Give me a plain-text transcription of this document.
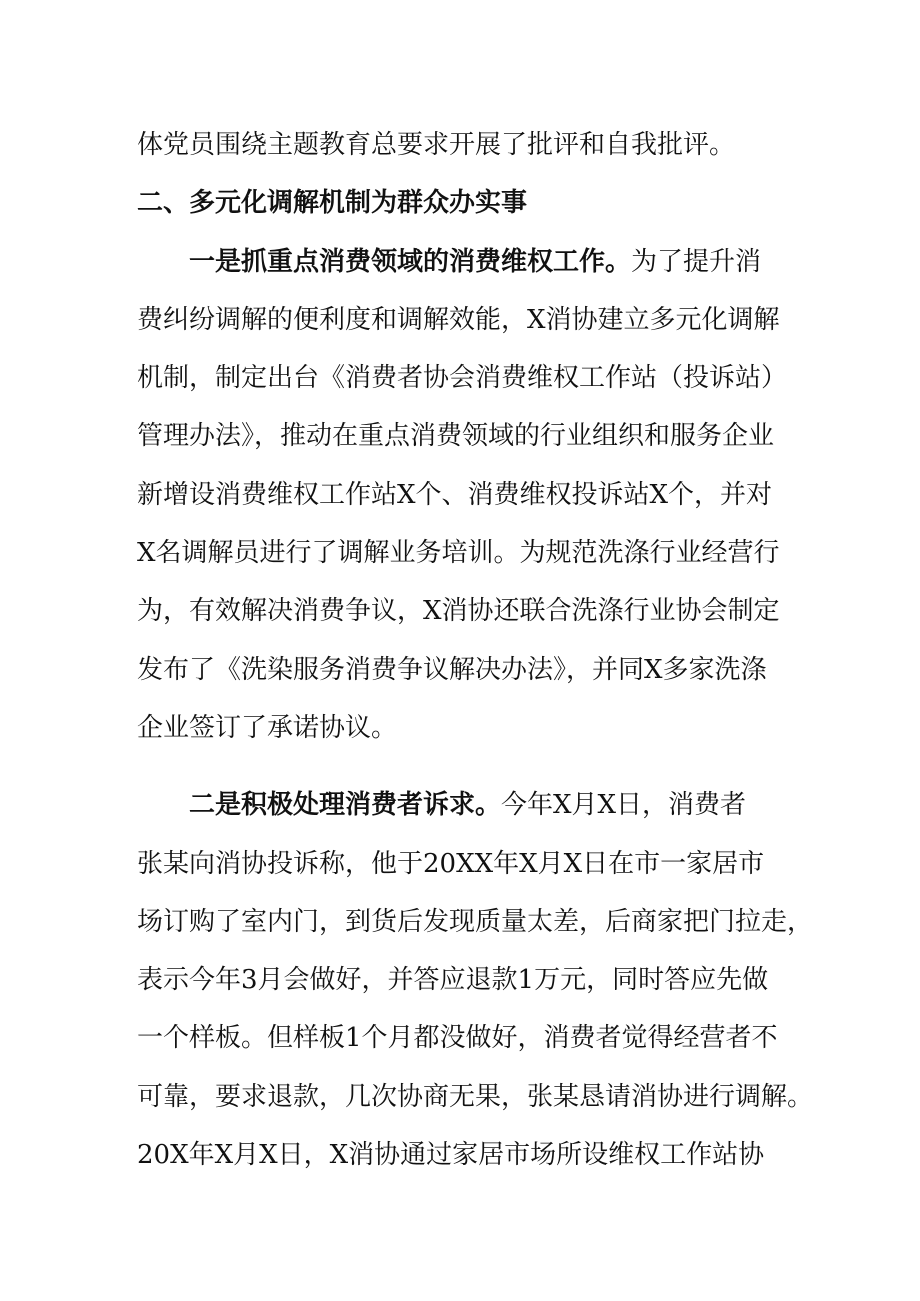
体党员围绕主题教育总要求开展了批评和自我批评。
二、多元化调解机制为群众办实事
一是抓重点消费领域的消费维权工作。为了提升消
费纠纷调解的便利度和调解效能，X消协建立多元化调解
机制，制定出台《消费者协会消费维权工作站（投诉站）
管理办法》，推动在重点消费领域的行业组织和服务企业
新增设消费维权工作站X个、消费维权投诉站X个，并对
X名调解员进行了调解业务培训。为规范洗涤行业经营行
为，有效解决消费争议，X消协还联合洗涤行业协会制定
发布了《洗染服务消费争议解决办法》，并同X多家洗涤
企业签订了承诺协议。
二是积极处理消费者诉求。今年X月X日，消费者
张某向消协投诉称，他于20XX年X月X日在市一家居市
场订购了室内门，到货后发现质量太差，后商家把门拉走，
表示今年3月会做好，并答应退款1万元，同时答应先做
一个样板。但样板1个月都没做好，消费者觉得经营者不
可靠，要求退款，几次协商无果，张某恳请消协进行调解。
20X年X月X日，X消协通过家居市场所设维权工作站协
